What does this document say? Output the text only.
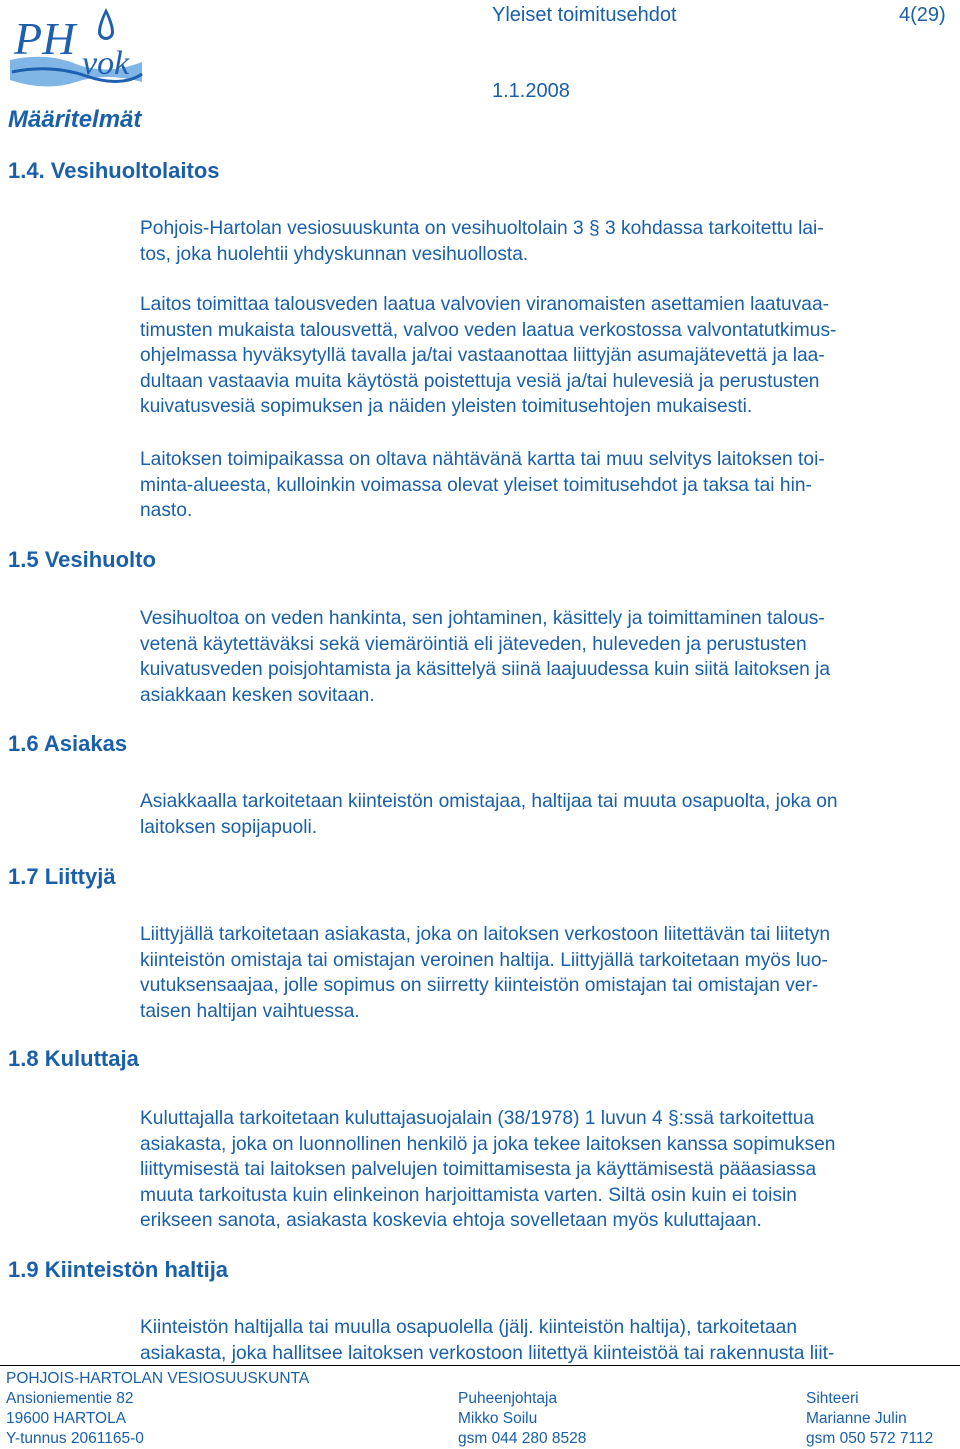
PH vok
Yleiset toimitusehdot	4(29)
1.1.2008
Määritelmät
1.4. Vesihuoltolaitos
1.5 Vesihuolto
1.6 Asiakas
1.7 Liittyjä
1.8 Kuluttaja
1.9 Kiinteistön haltija

Pohjois-Hartolan vesiosuuskunta on vesihuoltolain 3 § 3 kohdassa tarkoitettu lai-
tos, joka huolehtii yhdyskunnan vesihuollosta.

Laitos toimittaa talousveden laatua valvovien viranomaisten asettamien laatuvaa-
timusten mukaista talousvettä, valvoo veden laatua verkostossa valvontatutkimus-
ohjelmassa hyväksytyllä tavalla ja/tai vastaanottaa liittyjän asumajätevettä ja laa-
dultaan vastaavia muita käytöstä poistettuja vesiä ja/tai hulevesiä ja perustusten
kuivatusvesiä sopimuksen ja näiden yleisten toimitusehtojen mukaisesti.

Laitoksen toimipaikassa on oltava nähtävänä kartta tai muu selvitys laitoksen toi-
minta-alueesta, kulloinkin voimassa olevat yleiset toimitusehdot ja taksa tai hin-
nasto.

Vesihuoltoa on veden hankinta, sen johtaminen, käsittely ja toimittaminen talous-
vetenä käytettäväksi sekä viemäröintiä eli jäteveden, huleveden ja perustusten
kuivatusveden poisjohtamista ja käsittelyä siinä laajuudessa kuin siitä laitoksen ja
asiakkaan kesken sovitaan.

Asiakkaalla tarkoitetaan kiinteistön omistajaa, haltijaa tai muuta osapuolta, joka on
laitoksen sopijapuoli.

Liittyjällä tarkoitetaan asiakasta, joka on laitoksen verkostoon liitettävän tai liitetyn
kiinteistön omistaja tai omistajan veroinen haltija. Liittyjällä tarkoitetaan myös luo-
vutuksensaajaa, jolle sopimus on siirretty kiinteistön omistajan tai omistajan ver-
taisen haltijan vaihtuessa.

Kuluttajalla tarkoitetaan kuluttajasuojalain (38/1978) 1 luvun 4 §:ssä tarkoitettua
asiakasta, joka on luonnollinen henkilö ja joka tekee laitoksen kanssa sopimuksen
liittymisestä tai laitoksen palvelujen toimittamisesta ja käyttämisestä pääasiassa
muuta tarkoitusta kuin elinkeinon harjoittamista varten. Siltä osin kuin ei toisin
erikseen sanota, asiakasta koskevia ehtoja sovelletaan myös kuluttajaan.

Kiinteistön haltijalla tai muulla osapuolella (jälj. kiinteistön haltija), tarkoitetaan
asiakasta, joka hallitsee laitoksen verkostoon liitettyä kiinteistöä tai rakennusta liit-

POHJOIS-HARTOLAN VESIOSUUSKUNTA
Ansioniementie 82
19600 HARTOLA
Y-tunnus 2061165-0
Puheenjohtaja
Mikko Soilu
gsm 044 280 8528
Sihteeri
Marianne Julin
gsm 050 572 7112
